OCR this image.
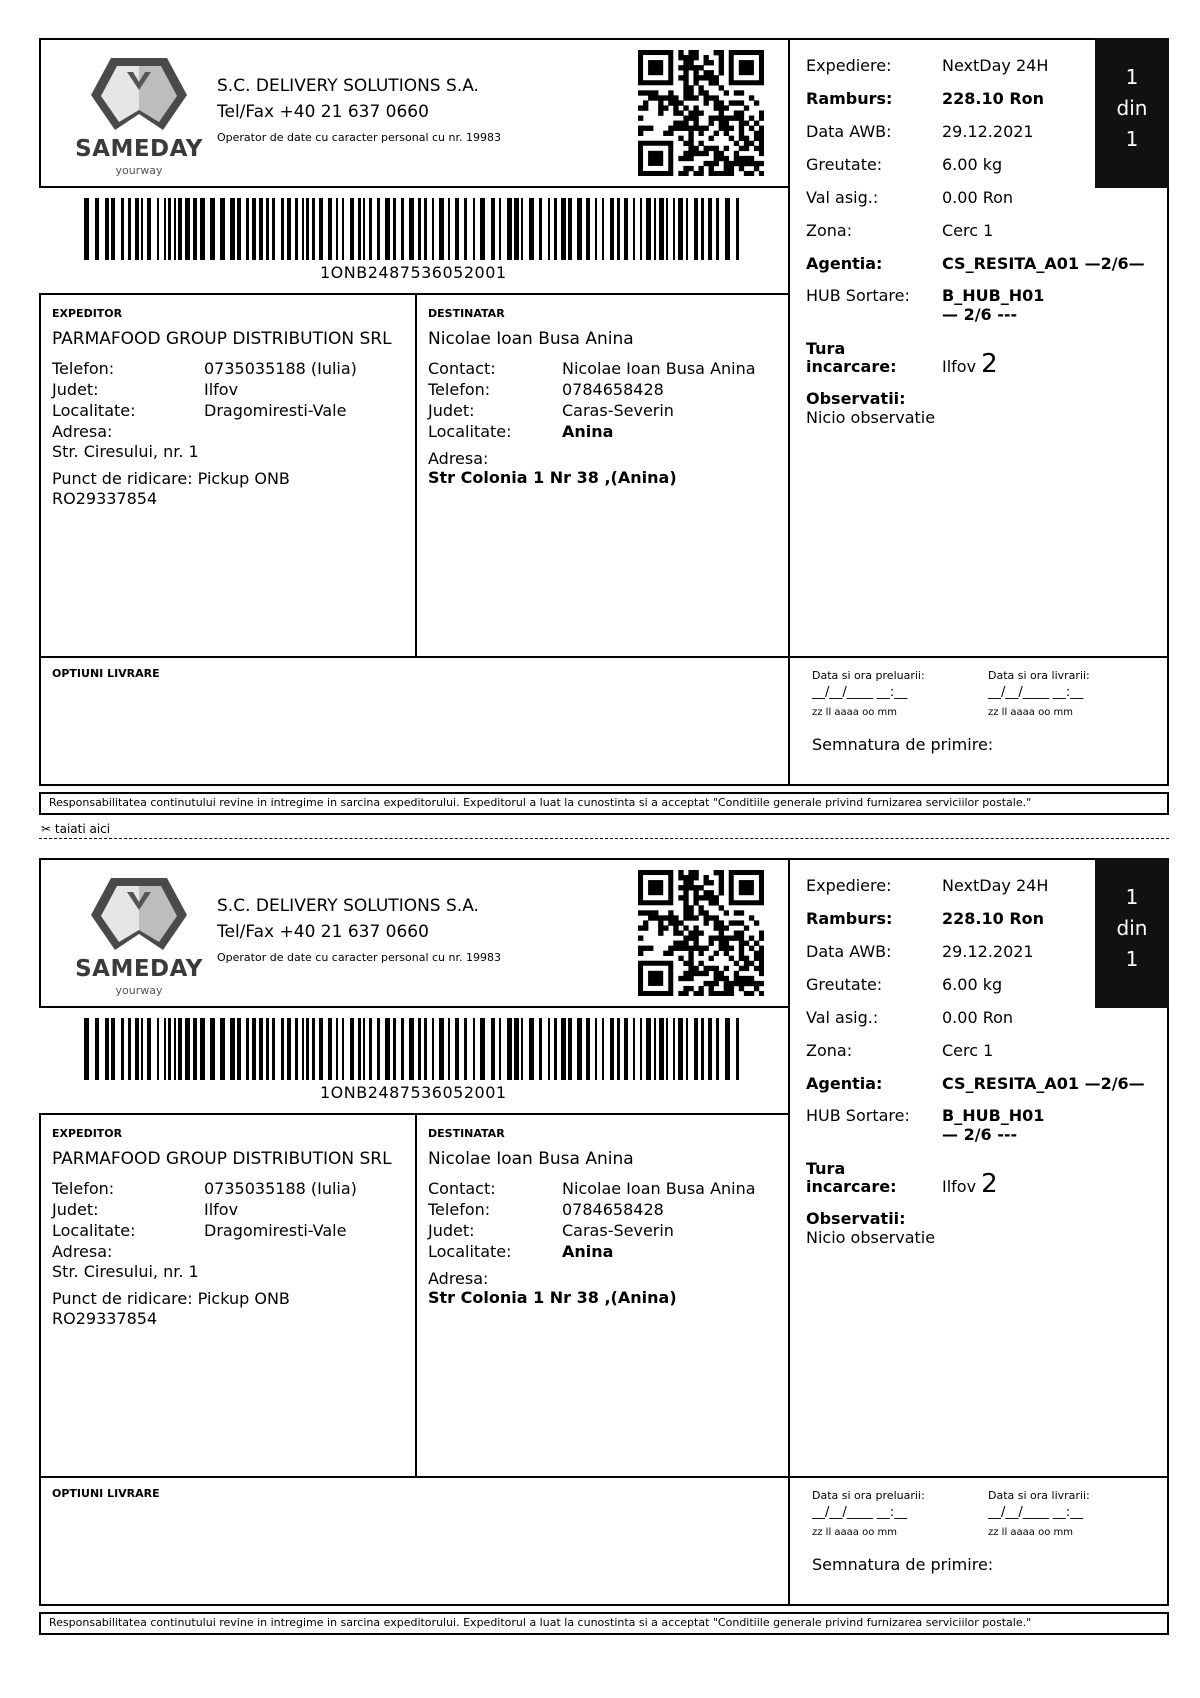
SAMEDAY
yourway
S.C. DELIVERY SOLUTIONS S.A.
Tel/Fax +40 21 637 0660
Operator de date cu caracter personal cu nr. 19983
1ONB2487536052001
1
din
1
Expediere:	NextDay 24H
Ramburs:	228.10 Ron
Data AWB:	29.12.2021
Greutate:	6.00 kg
Val asig.:	0.00 Ron
Zona:	Cerc 1
Agentia:	CS_RESITA_A01 —2/6—
HUB Sortare: B_HUB_H01
— 2/6 ---
Tura
incarcare:	Ilfov 2
Observatii:
Nicio observatie
EXPEDITOR
PARMAFOOD GROUP DISTRIBUTION SRL
Telefon:	0735035188 (Iulia)
Judet:	Ilfov
Localitate:	Dragomiresti-Vale
Adresa:
Str. Ciresului, nr. 1
Punct de ridicare: Pickup ONB
RO29337854
DESTINATAR
Nicolae Ioan Busa Anina
Contact:	Nicolae Ioan Busa Anina
Telefon:	0784658428
Judet:	Caras-Severin
Localitate:	Anina
Adresa:
Str Colonia 1 Nr 38 ,(Anina)
OPTIUNI LIVRARE	Data si ora preluarii:	Data si ora livrarii:
__/__/____ __:__	__/__/____ __:__
zz ll aaaa oo mm	zz ll aaaa oo mm
Semnatura de primire:
Responsabilitatea continutului revine in intregime in sarcina expeditorului. Expeditorul a luat la cunostinta si a acceptat "Conditiile generale privind furnizarea serviciilor postale."
✂ taiati aici
SAMEDAY
yourway
S.C. DELIVERY SOLUTIONS S.A.
Tel/Fax +40 21 637 0660
Operator de date cu caracter personal cu nr. 19983
1ONB2487536052001
1
din
1
Expediere:	NextDay 24H
Ramburs:	228.10 Ron
Data AWB:	29.12.2021
Greutate:	6.00 kg
Val asig.:	0.00 Ron
Zona:	Cerc 1
Agentia:	CS_RESITA_A01 —2/6—
HUB Sortare: B_HUB_H01
— 2/6 ---
Tura
incarcare:	Ilfov 2
Observatii:
Nicio observatie
EXPEDITOR
PARMAFOOD GROUP DISTRIBUTION SRL
Telefon:	0735035188 (Iulia)
Judet:	Ilfov
Localitate:	Dragomiresti-Vale
Adresa:
Str. Ciresului, nr. 1
Punct de ridicare: Pickup ONB
RO29337854
DESTINATAR
Nicolae Ioan Busa Anina
Contact:	Nicolae Ioan Busa Anina
Telefon:	0784658428
Judet:	Caras-Severin
Localitate:	Anina
Adresa:
Str Colonia 1 Nr 38 ,(Anina)
OPTIUNI LIVRARE	Data si ora preluarii:	Data si ora livrarii:
__/__/____ __:__	__/__/____ __:__
zz ll aaaa oo mm	zz ll aaaa oo mm
Semnatura de primire:
Responsabilitatea continutului revine in intregime in sarcina expeditorului. Expeditorul a luat la cunostinta si a acceptat "Conditiile generale privind furnizarea serviciilor postale."
